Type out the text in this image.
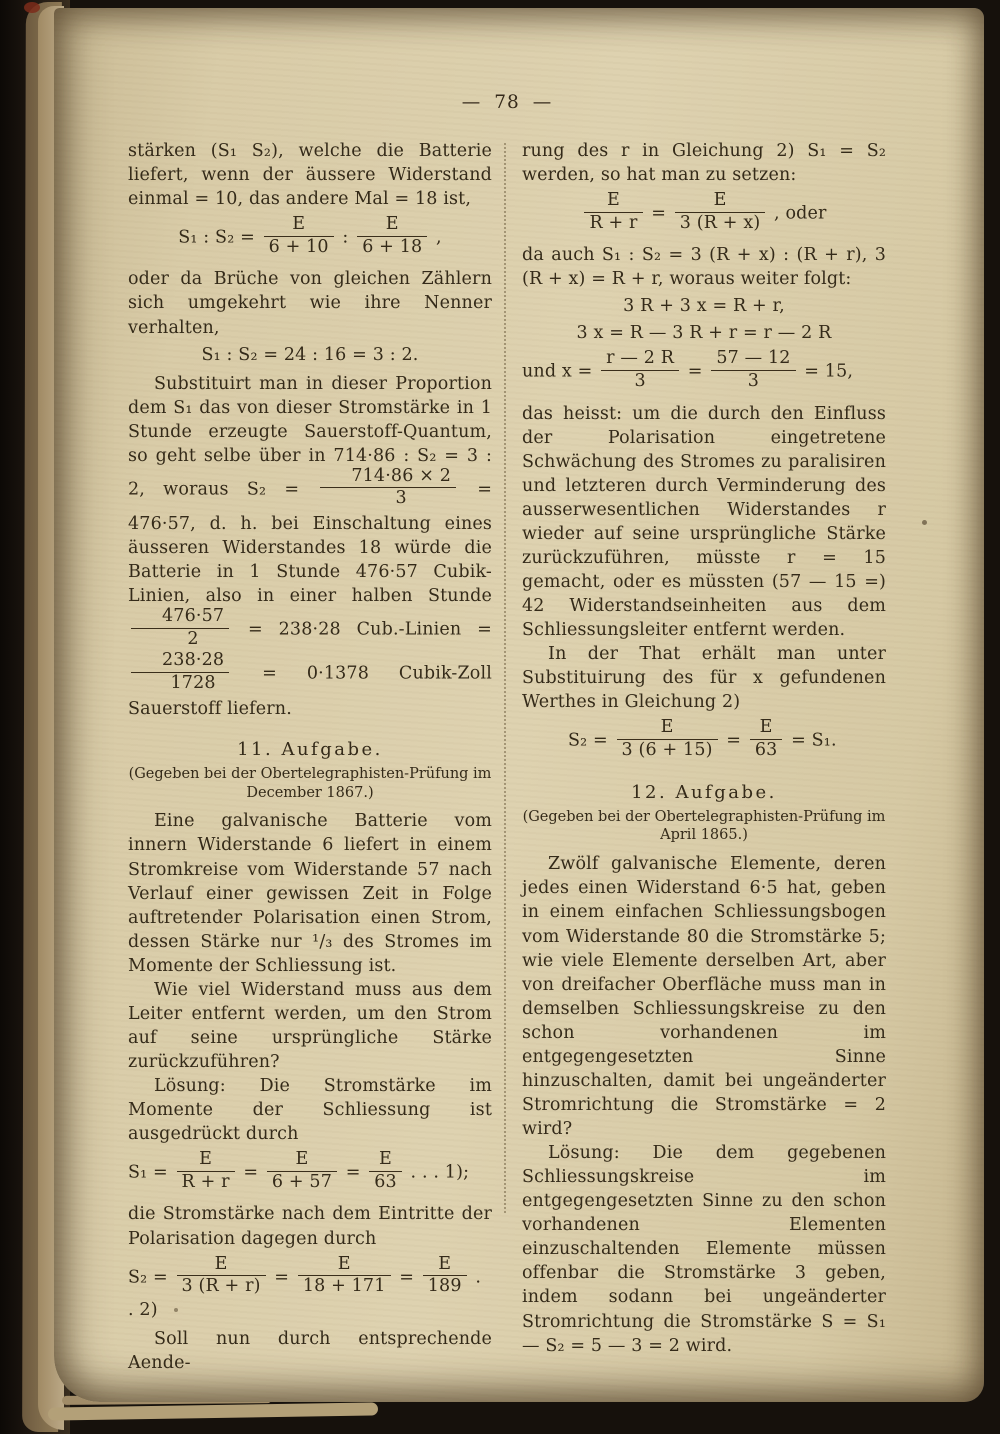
— 78 —

stärken (S₁ S₂), welche die Batterie liefert, wenn der äussere Widerstand einmal = 10, das andere Mal = 18 ist,

S₁ : $S_2 = \frac{E}{6 + 10}$ : $\frac{E}{6 + 18}$ ,

oder da Brüche von gleichen Zählern sich umgekehrt wie ihre Nenner verhalten,

S₁ : S₂ = 24 : 16 = 3 : 2.

Substituirt man in dieser Proportion dem S₁ das von dieser Stromstärke in 1 Stunde erzeugte Sauerstoff-Quantum, so geht selbe über in 714·86 : S₂ = 3 : 2, woraus $S_2 = \frac{714\cdot 86 \times 2}{3} = 476\cdot 57$, d. h. bei Einschaltung eines äusseren Widerstandes 18 würde die Batterie in 1 Stunde 476·57 Cubik-Linien, also in einer halben Stunde
$\frac{476\cdot 57}{2} = 238\cdot 28$ Cub.-Linien =
$\frac{238\cdot 28}{1728} = 0\cdot 1378$ Cubik-Zoll Sauerstoff liefern.

11. Aufgabe.
(Gegeben bei der Obertelegraphisten-Prüfung im December 1867.)

Eine galvanische Batterie vom innern Widerstande 6 liefert in einem Stromkreise vom Widerstande 57 nach Verlauf einer gewissen Zeit in Folge auftretender Polarisation einen Strom, dessen Stärke nur ¹/₃ des Stromes im Momente der Schliessung ist.

Wie viel Widerstand muss aus dem Leiter entfernt werden, um den Strom auf seine ursprüngliche Stärke zurückzuführen?

Lösung: Die Stromstärke im Momente der Schliessung ist ausgedrückt durch

$S_1 = \frac{E}{R + r} = \frac{E}{6 + 57} = \frac{E}{63}$ . . . 1);

die Stromstärke nach dem Eintritte der Polarisation dagegen durch

$S_2 = \frac{E}{3 (R + r)} = \frac{E}{18 + 171} = \frac{E}{189}$ . . 2)

Soll nun durch entsprechende Aende-

rung des r in Gleichung 2) S₁ = S₂ werden, so hat man zu setzen:

$\frac{E}{R + r} = \frac{E}{3 (R + x)}$ , oder

da auch S₁ : S₂ = 3 (R + x) : (R + r), 3 (R + x) = R + r, woraus weiter folgt:

3 R + 3 x = R + r,
3 x = R — 3 R + r = r — 2 R
und $x = \frac{r — 2 R}{3} = \frac{57 — 12}{3} = 15$,

das heisst: um die durch den Einfluss der Polarisation eingetretene Schwächung des Stromes zu paralisiren und letzteren durch Verminderung des ausserwesentlichen Widerstandes r wieder auf seine ursprüngliche Stärke zurückzuführen, müsste r = 15 gemacht, oder es müssten (57 — 15 =) 42 Widerstandseinheiten aus dem Schliessungsleiter entfernt werden.

In der That erhält man unter Substituirung des für x gefundenen Werthes in Gleichung 2)

$S_2 = \frac{E}{3 (6 + 15)} = \frac{E}{63} = S_1$.
12. Aufgabe.
(Gegeben bei der Obertelegraphisten-Prüfung im April 1865.)

Zwölf galvanische Elemente, deren jedes einen Widerstand 6·5 hat, geben in einem einfachen Schliessungsbogen vom Widerstande 80 die Stromstärke 5; wie viele Elemente derselben Art, aber von dreifacher Oberfläche muss man in demselben Schliessungskreise zu den schon vorhandenen im entgegengesetzten Sinne hinzuschalten, damit bei ungeänderter Stromrichtung die Stromstärke = 2 wird?

Lösung: Die dem gegebenen Schliessungskreise im entgegengesetzten Sinne zu den schon vorhandenen Elementen einzuschaltenden Elemente müssen offenbar die Stromstärke 3 geben, indem sodann bei ungeänderter Stromrichtung die Stromstärke S = S₁ — S₂ = 5 — 3 = 2 wird.
